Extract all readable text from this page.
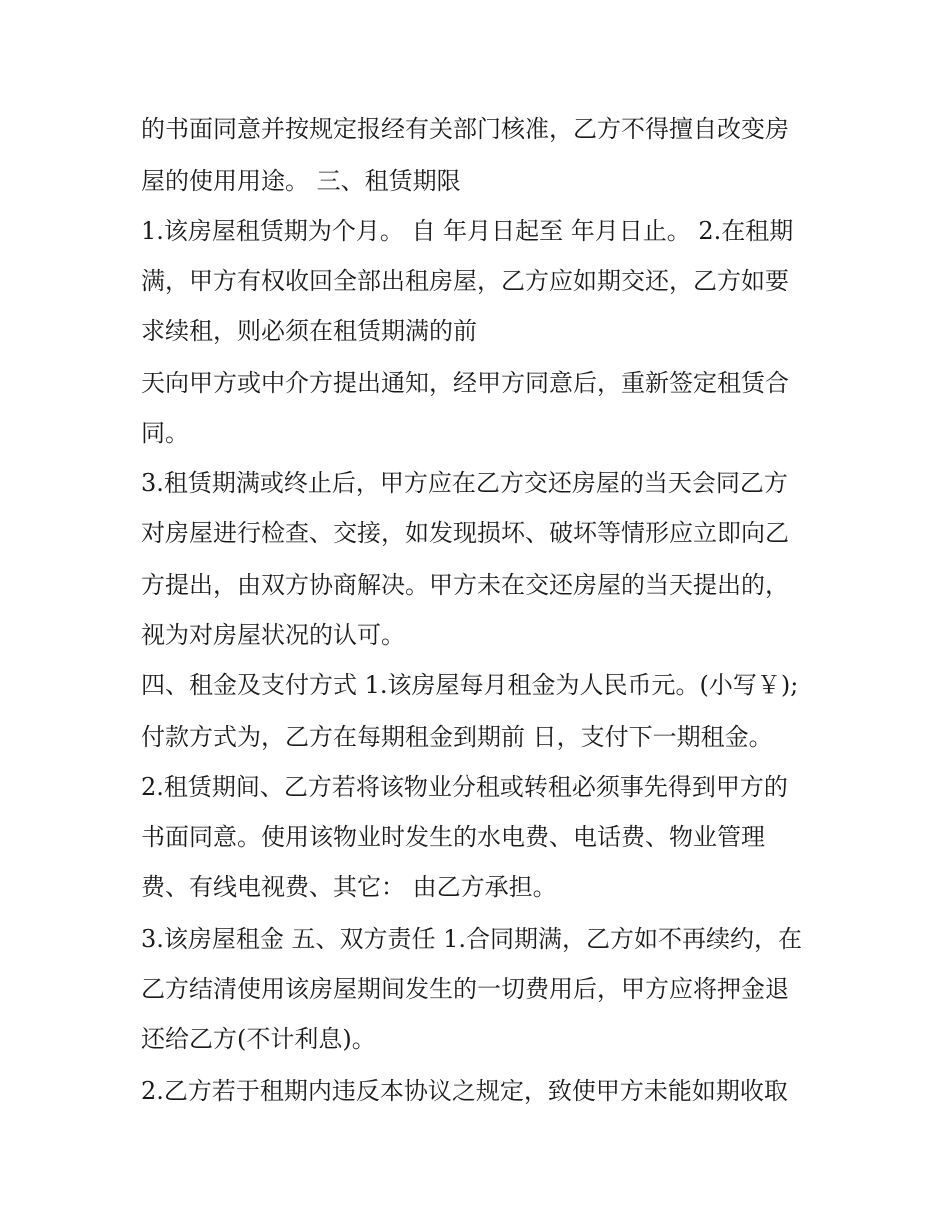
的书面同意并按规定报经有关部门核准，乙方不得擅自改变房
屋的使用用途。 三、租赁期限
1.该房屋租赁期为个月。 自 年月日起至 年月日止。 2.在租期
满，甲方有权收回全部出租房屋，乙方应如期交还，乙方如要
求续租，则必须在租赁期满的前
天向甲方或中介方提出通知，经甲方同意后，重新签定租赁合
同。
3.租赁期满或终止后，甲方应在乙方交还房屋的当天会同乙方
对房屋进行检查、交接，如发现损坏、破坏等情形应立即向乙
方提出，由双方协商解决。甲方未在交还房屋的当天提出的，
视为对房屋状况的认可。
四、租金及支付方式 1.该房屋每月租金为人民币元。(小写￥);
付款方式为，乙方在每期租金到期前 日，支付下一期租金。
2.租赁期间、乙方若将该物业分租或转租必须事先得到甲方的
书面同意。使用该物业时发生的水电费、电话费、物业管理
费、有线电视费、其它： 由乙方承担。
3.该房屋租金 五、双方责任 1.合同期满，乙方如不再续约，在
乙方结清使用该房屋期间发生的一切费用后，甲方应将押金退
还给乙方(不计利息)。
2.乙方若于租期内违反本协议之规定，致使甲方未能如期收取
